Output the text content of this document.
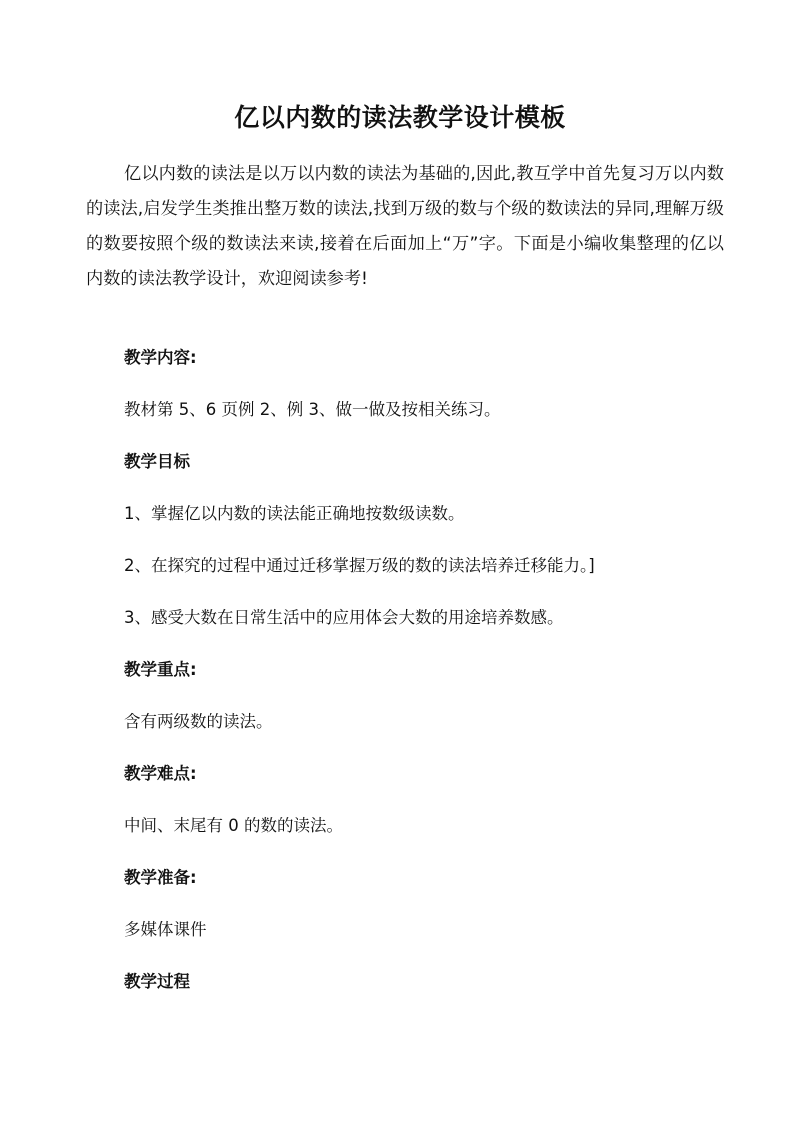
亿以内数的读法教学设计模板
亿以内数的读法是以万以内数的读法为基础的,因此,教互学中首先复习万以内数的读法,启发学生类推出整万数的读法,找到万级的数与个级的数读法的异同,理解万级的数要按照个级的数读法来读,接着在后面加上“万”字。下面是小编收集整理的亿以内数的读法教学设计，欢迎阅读参考!
教学内容:
教材第 5、6 页例 2、例 3、做一做及按相关练习。
教学目标
1、掌握亿以内数的读法能正确地按数级读数。
2、在探究的过程中通过迁移掌握万级的数的读法培养迁移能力。]
3、感受大数在日常生活中的应用体会大数的用途培养数感。
教学重点:
含有两级数的读法。
教学难点:
中间、末尾有 0 的数的读法。
教学准备:
多媒体课件
教学过程
